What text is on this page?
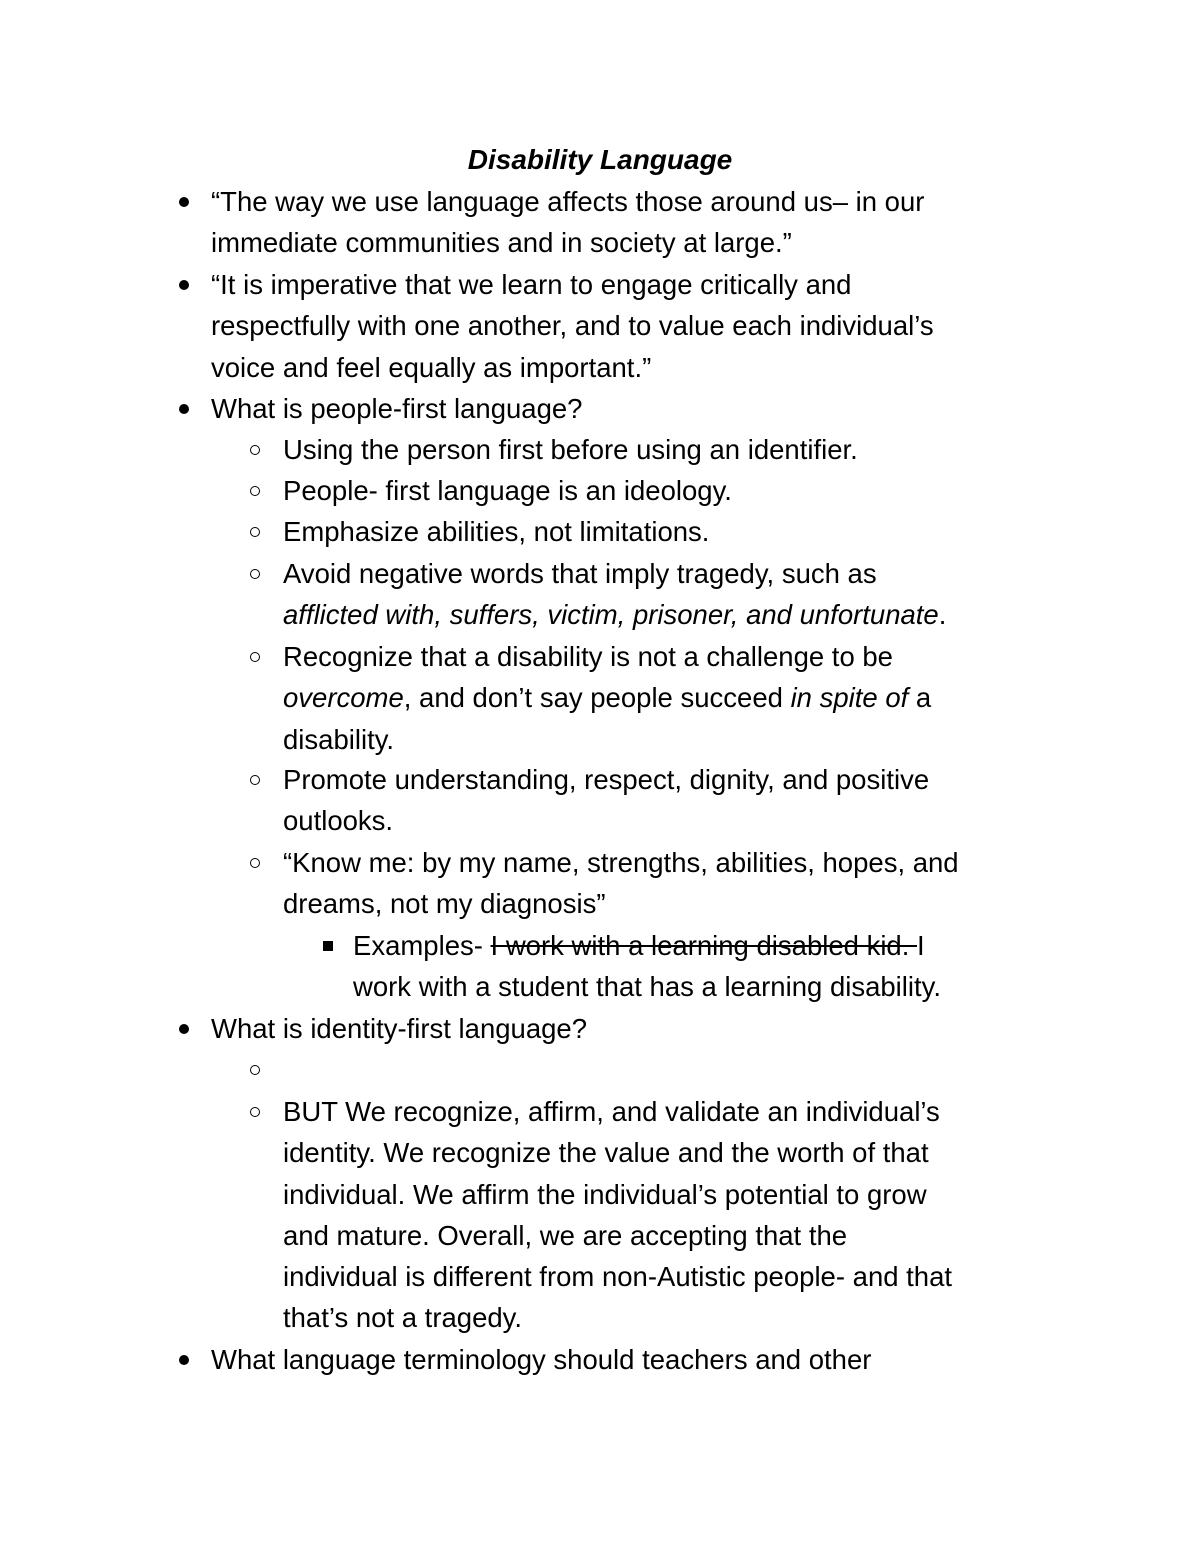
Disability Language
“The way we use language affects those around us– in our
immediate communities and in society at large.”
“It is imperative that we learn to engage critically and
respectfully with one another, and to value each individual’s
voice and feel equally as important.”
What is people-first language?
Using the person first before using an identifier.
People- first language is an ideology.
Emphasize abilities, not limitations.
Avoid negative words that imply tragedy, such as
afflicted with, suffers, victim, prisoner, and unfortunate.
Recognize that a disability is not a challenge to be
overcome, and don’t say people succeed in spite of a
disability.
Promote understanding, respect, dignity, and positive
outlooks.
“Know me: by my name, strengths, abilities, hopes, and
dreams, not my diagnosis”
Examples- I work with a learning disabled kid. I
work with a student that has a learning disability.
What is identity-first language?
BUT We recognize, affirm, and validate an individual’s
identity. We recognize the value and the worth of that
individual. We affirm the individual’s potential to grow
and mature. Overall, we are accepting that the
individual is different from non-Autistic people- and that
that’s not a tragedy.
What language terminology should teachers and other
